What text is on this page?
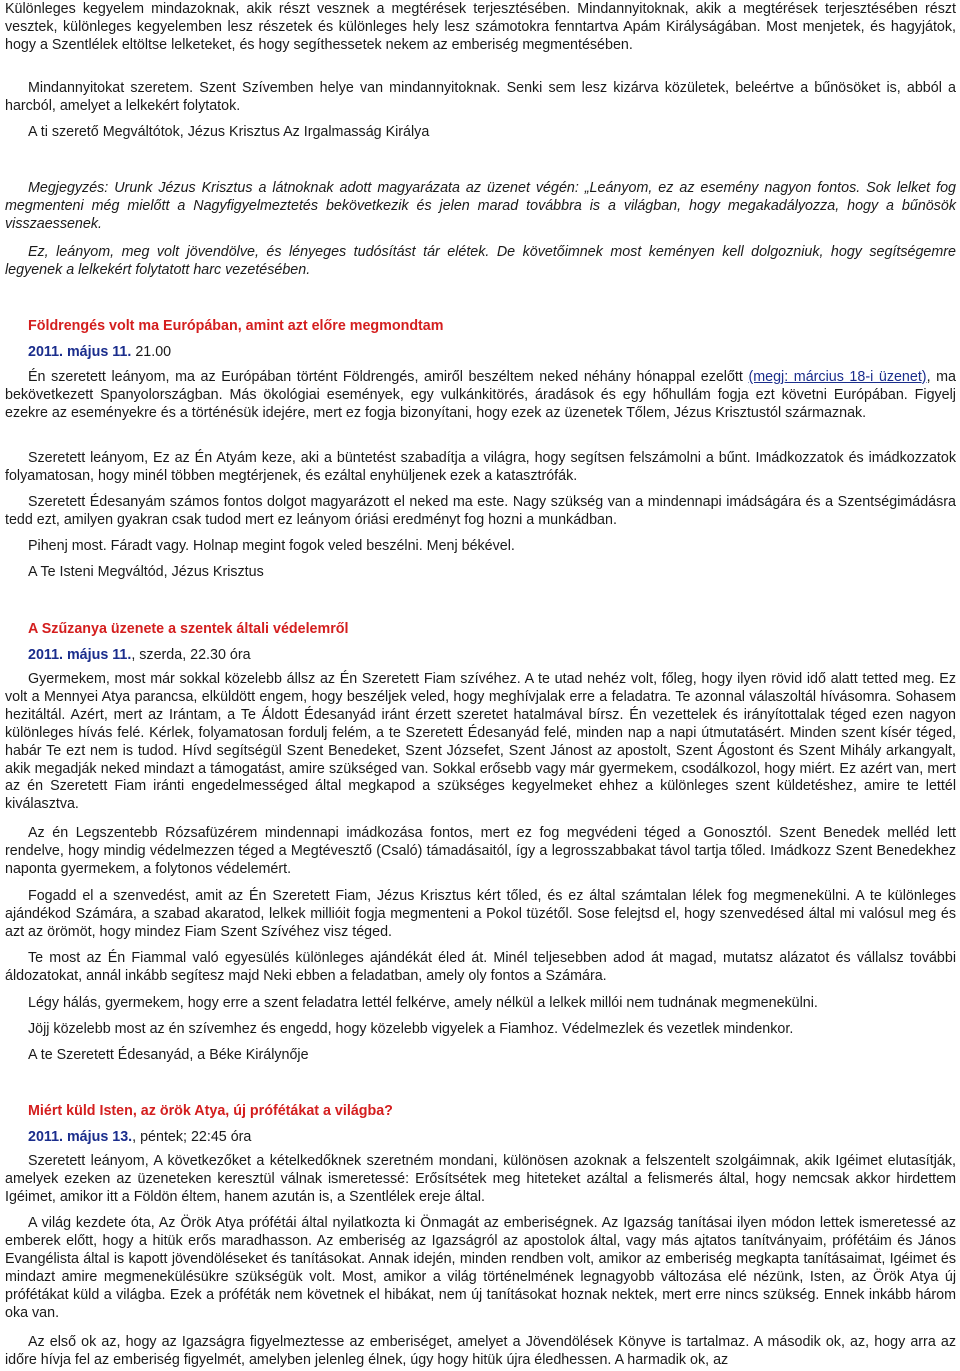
Különleges kegyelem mindazoknak, akik részt vesznek a megtérések terjesztésében. Mindannyitoknak, akik a megtérések terjesztésében részt vesztek, különleges kegyelemben lesz részetek és különleges hely lesz számotokra fenntartva Apám Királyságában. Most menjetek, és hagyjátok, hogy a Szentlélek eltöltse lelketeket, és hogy segíthessetek nekem az emberiség megmentésében.
Mindannyitokat szeretem. Szent Szívemben helye van mindannyitoknak. Senki sem lesz kizárva közületek, beleértve a bűnösöket is, abból a harcból, amelyet a lelkekért folytatok.
A ti szerető Megváltótok, Jézus Krisztus Az Irgalmasság Királya
Megjegyzés: Urunk Jézus Krisztus a látnoknak adott magyarázata az üzenet végén: „Leányom, ez az esemény nagyon fontos. Sok lelket fog megmenteni még mielőtt a Nagyfigyelmeztetés bekövetkezik és jelen marad továbbra is a világban, hogy megakadályozza, hogy a bűnösök visszaessenek.
Ez, leányom, meg volt jövendölve, és lényeges tudósítást tár elétek. De követőimnek most keményen kell dolgozniuk, hogy segítségemre legyenek a lelkekért folytatott harc vezetésében.
Földrengés volt ma Európában, amint azt előre megmondtam
2011. május 11. 21.00
Én szeretett leányom, ma az Európában történt Földrengés, amiről beszéltem neked néhány hónappal ezelőtt (megj: március 18-i üzenet), ma bekövetkezett Spanyolországban. Más ökológiai események, egy vulkánkitörés, áradások és egy hőhullám fogja ezt követni Európában. Figyelj ezekre az eseményekre és a történésük idejére, mert ez fogja bizonyítani, hogy ezek az üzenetek Tőlem, Jézus Krisztustól származnak.
Szeretett leányom, Ez az Én Atyám keze, aki a büntetést szabadítja a világra, hogy segítsen felszámolni a bűnt. Imádkozzatok és imádkozzatok folyamatosan, hogy minél többen megtérjenek, és ezáltal enyhüljenek ezek a katasztrófák.
Szeretett Édesanyám számos fontos dolgot magyarázott el neked ma este. Nagy szükség van a mindennapi imádságára és a Szentségimádásra tedd ezt, amilyen gyakran csak tudod mert ez leányom óriási eredményt fog hozni a munkádban.
Pihenj most. Fáradt vagy. Holnap megint fogok veled beszélni. Menj békével.
A Te Isteni Megváltód, Jézus Krisztus
A Szűzanya üzenete a szentek általi védelemről
2011. május 11., szerda, 22.30 óra
Gyermekem, most már sokkal közelebb állsz az Én Szeretett Fiam szívéhez. A te utad nehéz volt, főleg, hogy ilyen rövid idő alatt tetted meg. Ez volt a Mennyei Atya parancsa, elküldött engem, hogy beszéljek veled, hogy meghívjalak erre a feladatra. Te azonnal válaszoltál hívásomra. Sohasem hezitáltál. Azért, mert az Irántam, a Te Áldott Édesanyád iránt érzett szeretet hatalmával bírsz. Én vezettelek és irányítottalak téged ezen nagyon különleges hívás felé. Kérlek, folyamatosan fordulj felém, a te Szeretett Édesanyád felé, minden nap a napi útmutatásért. Minden szent kísér téged, habár Te ezt nem is tudod. Hívd segítségül Szent Benedeket, Szent Józsefet, Szent Jánost az apostolt, Szent Ágostont és Szent Mihály arkangyalt, akik megadják neked mindazt a támogatást, amire szükséged van. Sokkal erősebb vagy már gyermekem, csodálkozol, hogy miért. Ez azért van, mert az én Szeretett Fiam iránti engedelmességed által megkapod a szükséges kegyelmeket ehhez a különleges szent küldetéshez, amire te lettél kiválasztva.
Az én Legszentebb Rózsafüzérem mindennapi imádkozása fontos, mert ez fog megvédeni téged a Gonosztól. Szent Benedek melléd lett rendelve, hogy mindig védelmezzen téged a Megtévesztő (Csaló) támadásaitól, így a legrosszabbakat távol tartja tőled. Imádkozz Szent Benedekhez naponta gyermekem, a folytonos védelemért.
Fogadd el a szenvedést, amit az Én Szeretett Fiam, Jézus Krisztus kért tőled, és ez által számtalan lélek fog megmenekülni. A te különleges ajándékod Számára, a szabad akaratod, lelkek millióit fogja megmenteni a Pokol tüzétől. Sose felejtsd el, hogy szenvedésed által mi valósul meg és azt az örömöt, hogy mindez Fiam Szent Szívéhez visz téged.
Te most az Én Fiammal való egyesülés különleges ajándékát éled át. Minél teljesebben adod át magad, mutatsz alázatot és vállalsz további áldozatokat, annál inkább segítesz majd Neki ebben a feladatban, amely oly fontos a Számára.
Légy hálás, gyermekem, hogy erre a szent feladatra lettél felkérve, amely nélkül a lelkek millói nem tudnának megmenekülni.
Jöjj közelebb most az én szívemhez és engedd, hogy közelebb vigyelek a Fiamhoz. Védelmezlek és vezetlek mindenkor.
A te Szeretett Édesanyád, a Béke Királynője
Miért küld Isten, az örök Atya, új prófétákat a világba?
2011. május 13., péntek; 22:45 óra
Szeretett leányom, A következőket a kételkedőknek szeretném mondani, különösen azoknak a felszentelt szolgáimnak, akik Igéimet elutasítják, amelyek ezeken az üzeneteken keresztül válnak ismeretessé: Erősítsétek meg hiteteket azáltal a felismerés által, hogy nemcsak akkor hirdettem Igéimet, amikor itt a Földön éltem, hanem azután is, a Szentlélek ereje által.
A világ kezdete óta, Az Örök Atya prófétái által nyilatkozta ki Önmagát az emberiségnek. Az Igazság tanításai ilyen módon lettek ismeretessé az emberek előtt, hogy a hitük erős maradhasson. Az emberiség az Igazságról az apostolok által, vagy más ajtatos tanítványaim, prófétáim és János Evangélista által is kapott jövendöléseket és tanításokat. Annak idején, minden rendben volt, amikor az emberiség megkapta tanításaimat, Igéimet és mindazt amire megmenekülésükre szükségük volt. Most, amikor a világ történelmének legnagyobb változása elé nézünk, Isten, az Örök Atya új prófétákat küld a világba. Ezek a próféták nem követnek el hibákat, nem új tanításokat hoznak nektek, mert erre nincs szükség. Ennek inkább három oka van.
Az első ok az, hogy az Igazságra figyelmeztesse az emberiséget, amelyet a Jövendölések Könyve is tartalmaz. A második ok, az, hogy arra az időre hívja fel az emberiség figyelmét, amelyben jelenleg élnek, úgy hogy hitük újra éledhessen. A harmadik ok, az
